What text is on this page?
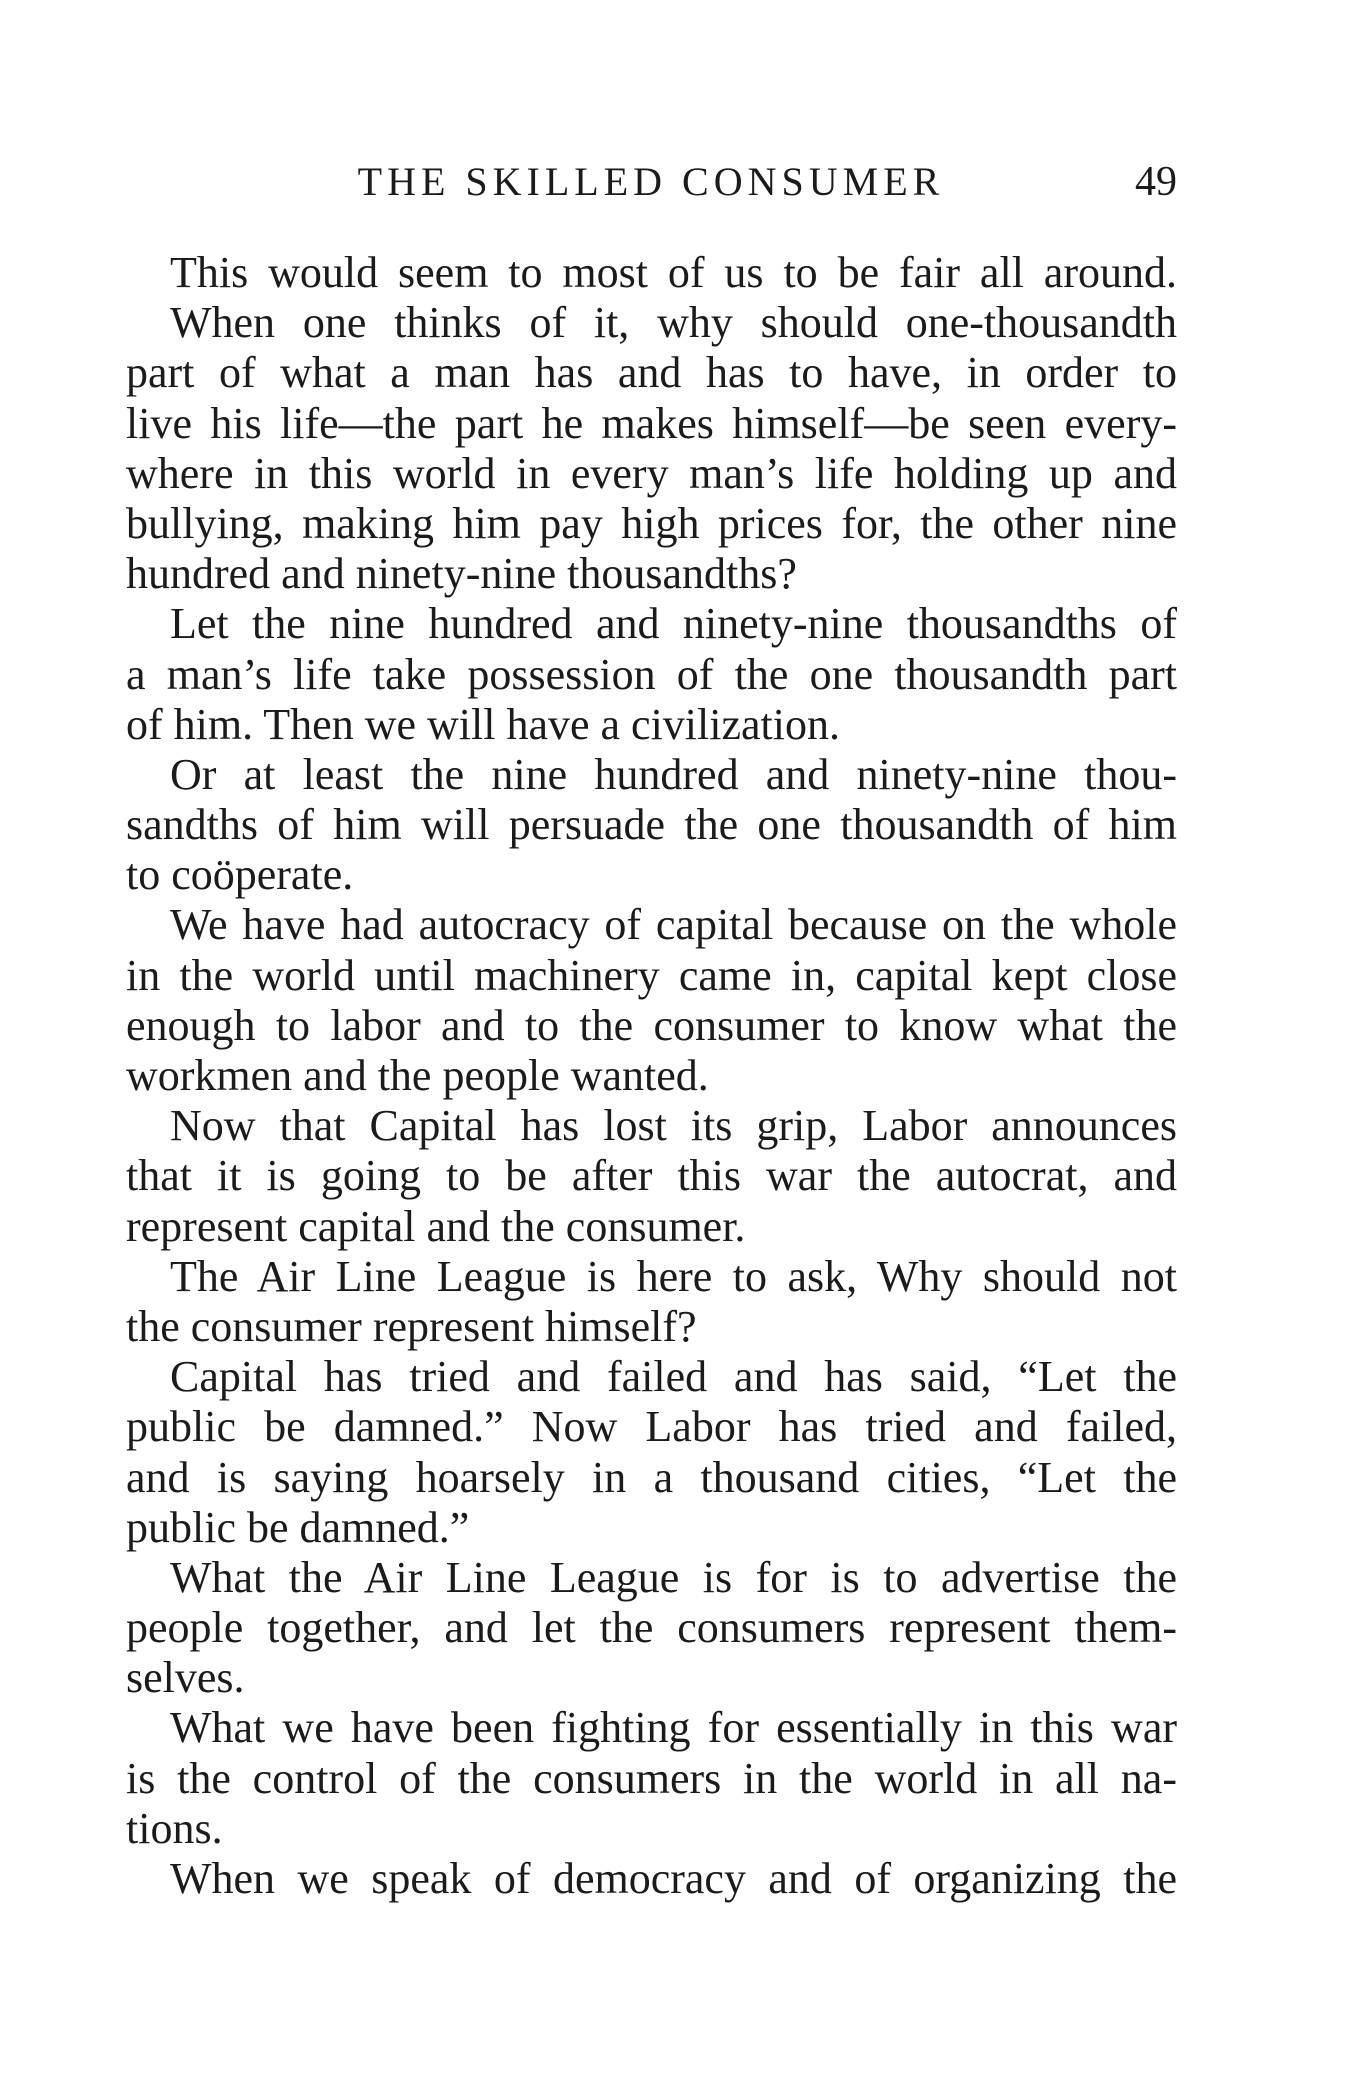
THE SKILLED CONSUMER	49
This would seem to most of us to be fair all around.
When one thinks of it, why should one-thousandth
part of what a man has and has to have, in order to
live his life—the part he makes himself—be seen every-
where in this world in every man’s life holding up and
bullying, making him pay high prices for, the other nine
hundred and ninety-nine thousandths?
Let the nine hundred and ninety-nine thousandths of
a man’s life take possession of the one thousandth part
of him. Then we will have a civilization.
Or at least the nine hundred and ninety-nine thou-
sandths of him will persuade the one thousandth of him
to coöperate.
We have had autocracy of capital because on the whole
in the world until machinery came in, capital kept close
enough to labor and to the consumer to know what the
workmen and the people wanted.
Now that Capital has lost its grip, Labor announces
that it is going to be after this war the autocrat, and
represent capital and the consumer.
The Air Line League is here to ask, Why should not
the consumer represent himself?
Capital has tried and failed and has said, “Let the
public be damned.” Now Labor has tried and failed,
and is saying hoarsely in a thousand cities, “Let the
public be damned.”
What the Air Line League is for is to advertise the
people together, and let the consumers represent them-
selves.
What we have been fighting for essentially in this war
is the control of the consumers in the world in all na-
tions.
When we speak of democracy and of organizing the
